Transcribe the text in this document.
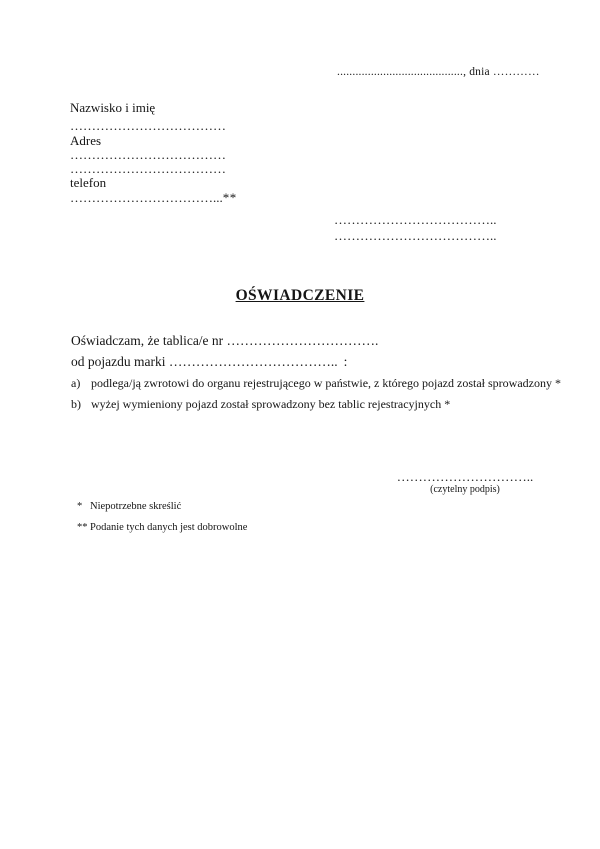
........................................., dnia …………
Nazwisko i imię
………………………………
Adres
………………………………
………………………………
telefon
……………………………...**
………………………………..
………………………………..
OŚWIADCZENIE
Oświadczam, że tablica/e nr …………………………….
od pojazdu marki ……………………………….. :
a) podlega/ją zwrotowi do organu rejestrującego w państwie, z którego pojazd został sprowadzony *
b) wyżej wymieniony pojazd został sprowadzony bez tablic rejestracyjnych *
…………………………..
(czytelny podpis)
* Niepotrzebne skreślić
** Podanie tych danych jest dobrowolne
